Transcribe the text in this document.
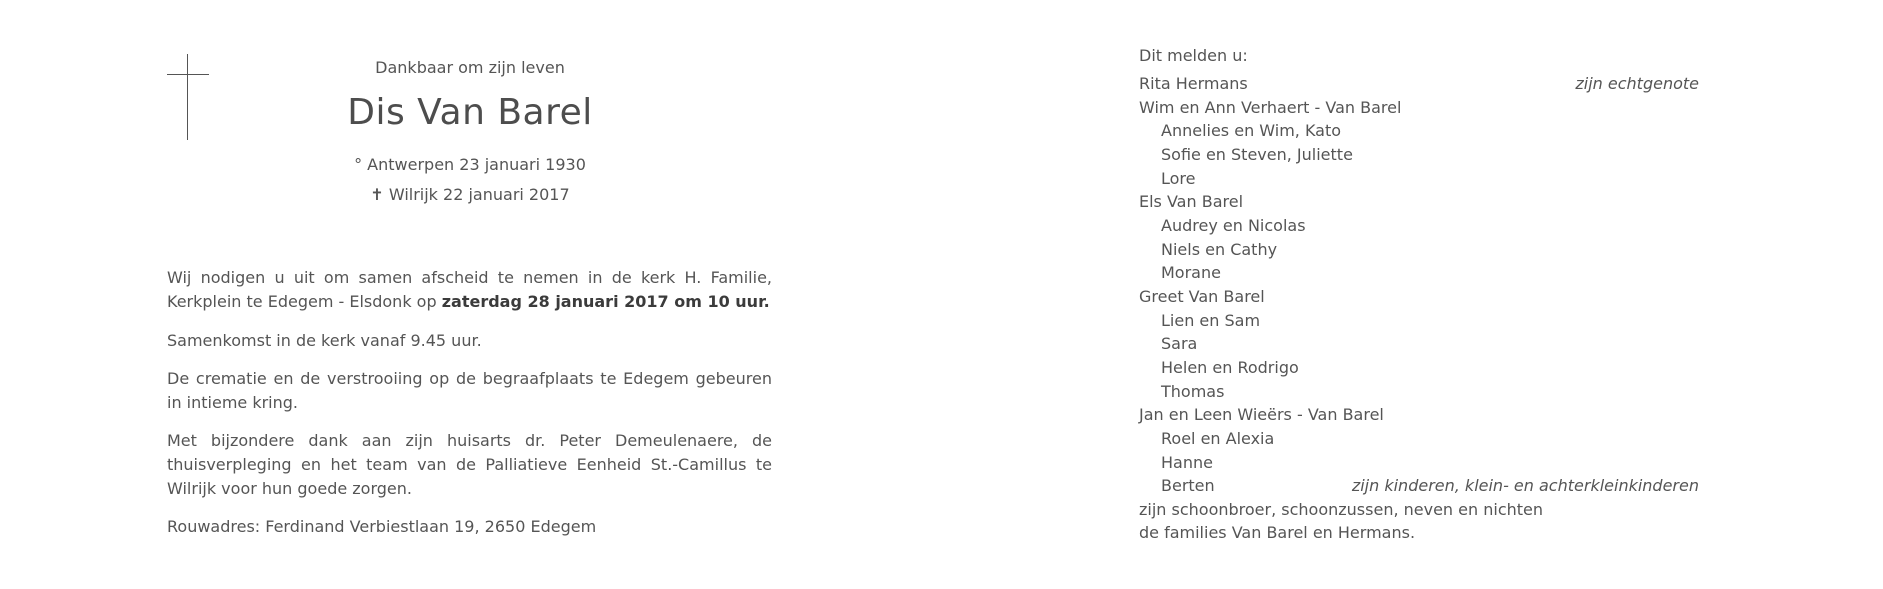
Dankbaar om zijn leven
Dis Van Barel
° Antwerpen 23 januari 1930
✝ Wilrijk 22 januari 2017
Wij nodigen u uit om samen afscheid te nemen in de kerk H. Familie, Kerkplein te Edegem - Elsdonk op zaterdag 28 januari 2017 om 10 uur.
Samenkomst in de kerk vanaf 9.45 uur.
De crematie en de verstrooiing op de begraafplaats te Edegem gebeuren in intieme kring.
Met bijzondere dank aan zijn huisarts dr. Peter Demeulenaere, de thuisverpleging en het team van de Palliatieve Eenheid St.-Camillus te Wilrijk voor hun goede zorgen.
Rouwadres: Ferdinand Verbiestlaan 19, 2650 Edegem
Dit melden u:
Rita Hermans	zijn echtgenote
Wim en Ann Verhaert - Van Barel
Annelies en Wim, Kato
Sofie en Steven, Juliette
Lore
Els Van Barel
Audrey en Nicolas
Niels en Cathy
Morane
Greet Van Barel
Lien en Sam
Sara
Helen en Rodrigo
Thomas
Jan en Leen Wieërs - Van Barel
Roel en Alexia
Hanne
Berten	zijn kinderen, klein- en achterkleinkinderen
zijn schoonbroer, schoonzussen, neven en nichten
de families Van Barel en Hermans.
